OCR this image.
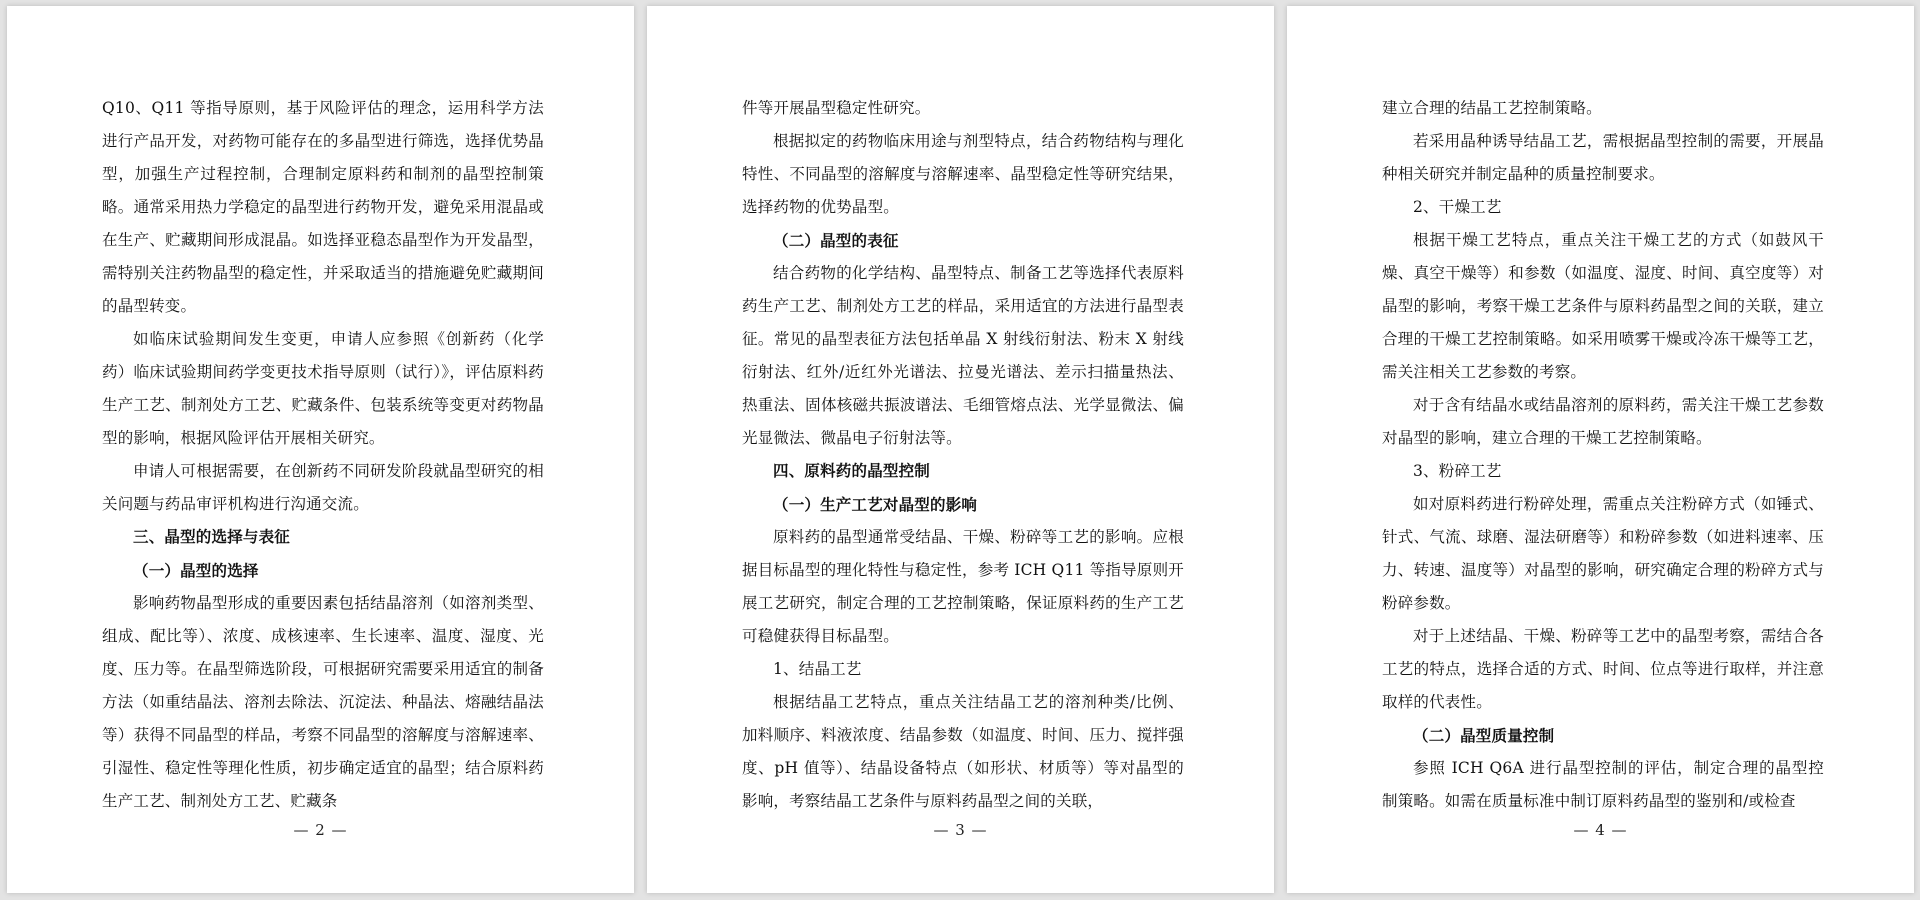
Q10、Q11 等指导原则，基于风险评估的理念，运用科学方法进行产品开发，对药物可能存在的多晶型进行筛选，选择优势晶型，加强生产过程控制，合理制定原料药和制剂的晶型控制策略。通常采用热力学稳定的晶型进行药物开发，避免采用混晶或在生产、贮藏期间形成混晶。如选择亚稳态晶型作为开发晶型，需特别关注药物晶型的稳定性，并采取适当的措施避免贮藏期间的晶型转变。

如临床试验期间发生变更，申请人应参照《创新药（化学药）临床试验期间药学变更技术指导原则（试行）》，评估原料药生产工艺、制剂处方工艺、贮藏条件、包装系统等变更对药物晶型的影响，根据风险评估开展相关研究。

申请人可根据需要，在创新药不同研发阶段就晶型研究的相关问题与药品审评机构进行沟通交流。

三、晶型的选择与表征

（一）晶型的选择

影响药物晶型形成的重要因素包括结晶溶剂（如溶剂类型、组成、配比等）、浓度、成核速率、生长速率、温度、湿度、光度、压力等。在晶型筛选阶段，可根据研究需要采用适宜的制备方法（如重结晶法、溶剂去除法、沉淀法、种晶法、熔融结晶法等）获得不同晶型的样品，考察不同晶型的溶解度与溶解速率、引湿性、稳定性等理化性质，初步确定适宜的晶型；结合原料药生产工艺、制剂处方工艺、贮藏条

— 2 —

件等开展晶型稳定性研究。

根据拟定的药物临床用途与剂型特点，结合药物结构与理化特性、不同晶型的溶解度与溶解速率、晶型稳定性等研究结果，选择药物的优势晶型。

（二）晶型的表征

结合药物的化学结构、晶型特点、制备工艺等选择代表原料药生产工艺、制剂处方工艺的样品，采用适宜的方法进行晶型表征。常见的晶型表征方法包括单晶 X 射线衍射法、粉末 X 射线衍射法、红外/近红外光谱法、拉曼光谱法、差示扫描量热法、热重法、固体核磁共振波谱法、毛细管熔点法、光学显微法、偏光显微法、微晶电子衍射法等。

四、原料药的晶型控制

（一）生产工艺对晶型的影响

原料药的晶型通常受结晶、干燥、粉碎等工艺的影响。应根据目标晶型的理化特性与稳定性，参考 ICH Q11 等指导原则开展工艺研究，制定合理的工艺控制策略，保证原料药的生产工艺可稳健获得目标晶型。

1、结晶工艺

根据结晶工艺特点，重点关注结晶工艺的溶剂种类/比例、加料顺序、料液浓度、结晶参数（如温度、时间、压力、搅拌强度、pH 值等）、结晶设备特点（如形状、材质等）等对晶型的影响，考察结晶工艺条件与原料药晶型之间的关联，

— 3 —

建立合理的结晶工艺控制策略。

若采用晶种诱导结晶工艺，需根据晶型控制的需要，开展晶种相关研究并制定晶种的质量控制要求。

2、干燥工艺

根据干燥工艺特点，重点关注干燥工艺的方式（如鼓风干燥、真空干燥等）和参数（如温度、湿度、时间、真空度等）对晶型的影响，考察干燥工艺条件与原料药晶型之间的关联，建立合理的干燥工艺控制策略。如采用喷雾干燥或冷冻干燥等工艺，需关注相关工艺参数的考察。

对于含有结晶水或结晶溶剂的原料药，需关注干燥工艺参数对晶型的影响，建立合理的干燥工艺控制策略。

3、粉碎工艺

如对原料药进行粉碎处理，需重点关注粉碎方式（如锤式、针式、气流、球磨、湿法研磨等）和粉碎参数（如进料速率、压力、转速、温度等）对晶型的影响，研究确定合理的粉碎方式与粉碎参数。

对于上述结晶、干燥、粉碎等工艺中的晶型考察，需结合各工艺的特点，选择合适的方式、时间、位点等进行取样，并注意取样的代表性。

（二）晶型质量控制

参照 ICH Q6A 进行晶型控制的评估，制定合理的晶型控制策略。如需在质量标准中制订原料药晶型的鉴别和/或检查

— 4 —
